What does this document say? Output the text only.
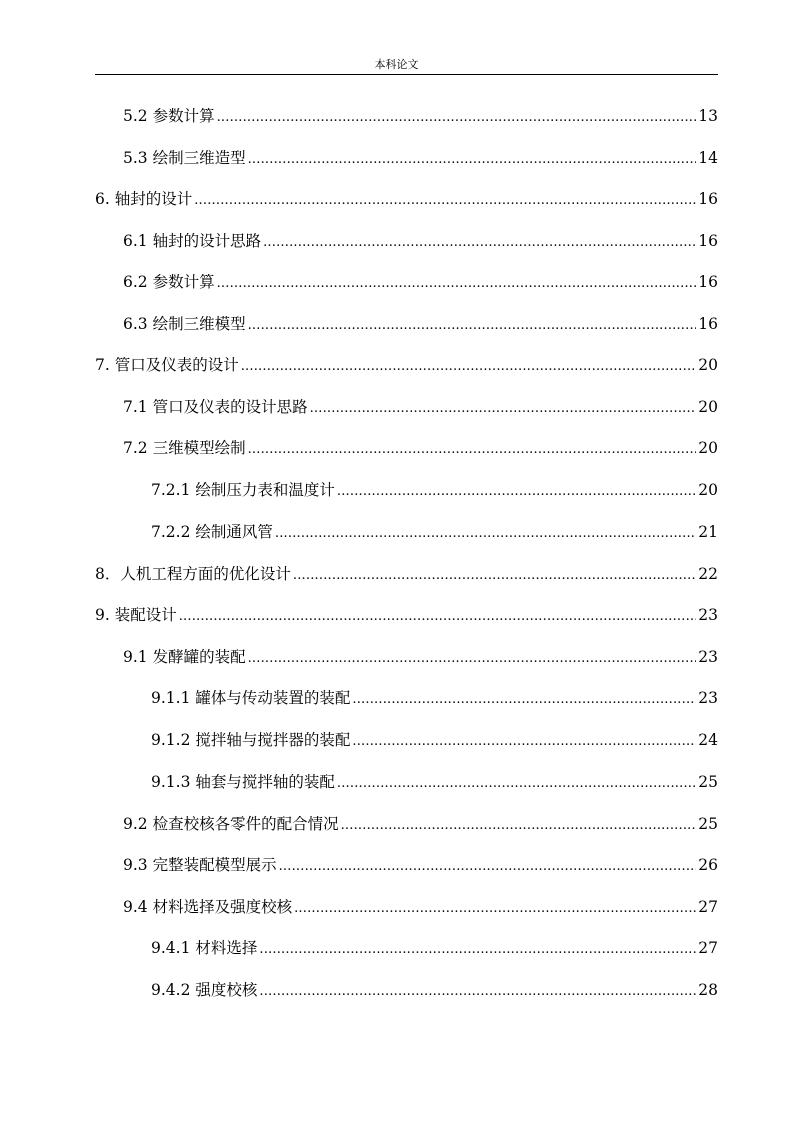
本科论文
5.2 参数计算 .....	13
5.3 绘制三维造型 .....	14
6. 轴封的设计 .....	16
6.1 轴封的设计思路 .....	16
6.2 参数计算 .....	16
6.3 绘制三维模型 .....	16
7. 管口及仪表的设计 .....	20
7.1 管口及仪表的设计思路 .....	20
7.2 三维模型绘制 .....	20
7.2.1 绘制压力表和温度计 .....	20
7.2.2 绘制通风管 .....	21
8．人机工程方面的优化设计 .....	22
9. 装配设计 .....	23
9.1 发酵罐的装配 .....	23
9.1.1 罐体与传动装置的装配 .....	23
9.1.2 搅拌轴与搅拌器的装配 .....	24
9.1.3 轴套与搅拌轴的装配 .....	25
9.2 检查校核各零件的配合情况 .....	25
9.3 完整装配模型展示 .....	26
9.4 材料选择及强度校核 .....	27
9.4.1 材料选择 .....	27
9.4.2 强度校核 .....	28
